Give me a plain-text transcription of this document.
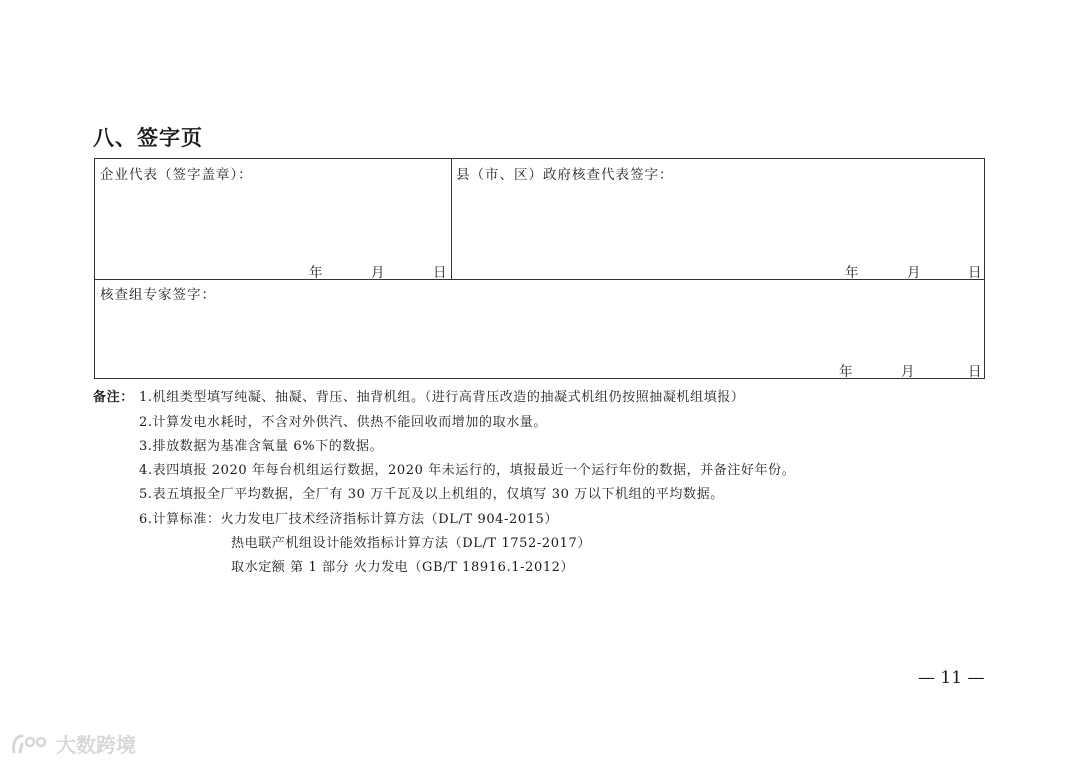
八、签字页
企业代表（签字盖章）：
年	月	日
县（市、区）政府核查代表签字：
年	月	日
核查组专家签字：
年	月	日
备注： 1.机组类型填写纯凝、抽凝、背压、抽背机组。（进行高背压改造的抽凝式机组仍按照抽凝机组填报）
2.计算发电水耗时，不含对外供汽、供热不能回收而增加的取水量。
3.排放数据为基准含氧量 6%下的数据。
4.表四填报 2020 年每台机组运行数据，2020 年未运行的，填报最近一个运行年份的数据，并备注好年份。
5.表五填报全厂平均数据，全厂有 30 万千瓦及以上机组的，仅填写 30 万以下机组的平均数据。
6.计算标准：火力发电厂技术经济指标计算方法（DL/T 904-2015）
热电联产机组设计能效指标计算方法（DL/T 1752-2017）
取水定额 第 1 部分 火力发电（GB/T 18916.1-2012）
— 11 —
大数跨境
